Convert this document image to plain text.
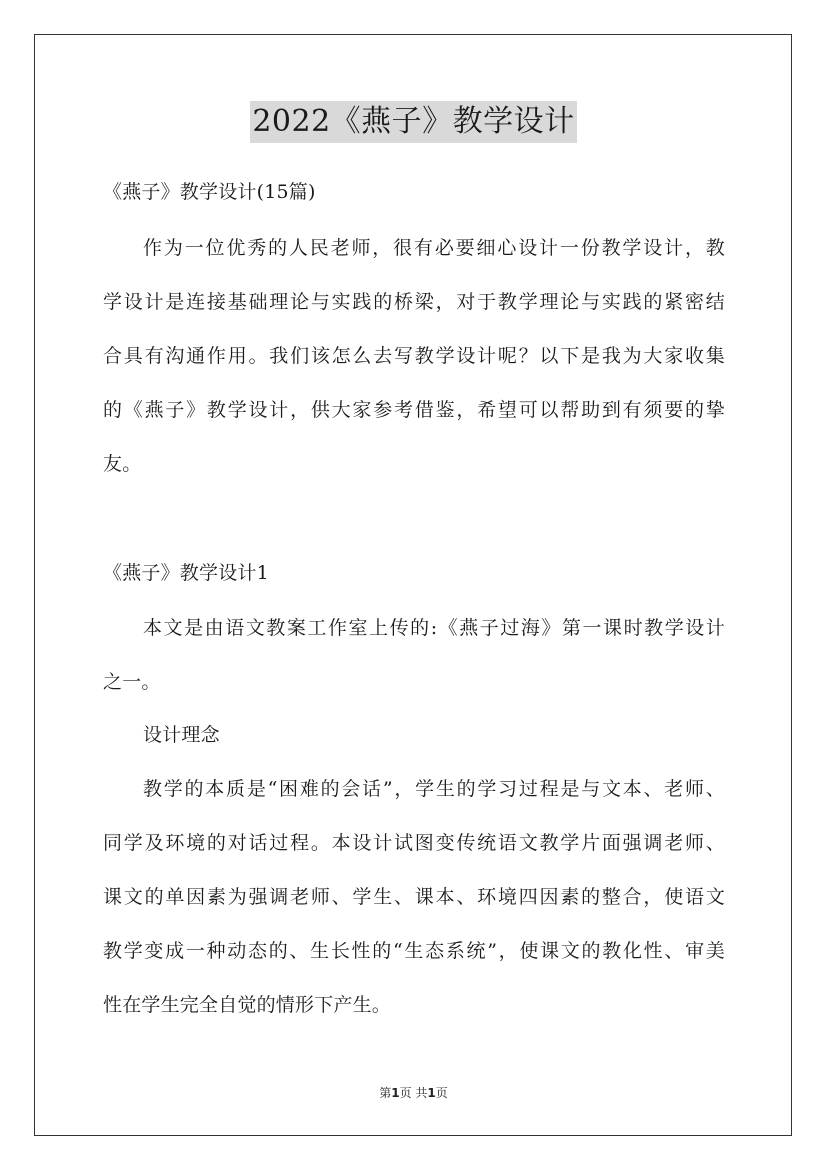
2022《燕子》教学设计
《燕子》教学设计(15篇)
作为一位优秀的人民老师，很有必要细心设计一份教学设计，教
学设计是连接基础理论与实践的桥梁，对于教学理论与实践的紧密结
合具有沟通作用。我们该怎么去写教学设计呢？以下是我为大家收集
的《燕子》教学设计，供大家参考借鉴，希望可以帮助到有须要的挚
友。
《燕子》教学设计1
本文是由语文教案工作室上传的:《燕子过海》第一课时教学设计
之一。
设计理念
教学的本质是“困难的会话”，学生的学习过程是与文本、老师、
同学及环境的对话过程。本设计试图变传统语文教学片面强调老师、
课文的单因素为强调老师、学生、课本、环境四因素的整合，使语文
教学变成一种动态的、生长性的“生态系统”，使课文的教化性、审美
性在学生完全自觉的情形下产生。
第1页 共1页
